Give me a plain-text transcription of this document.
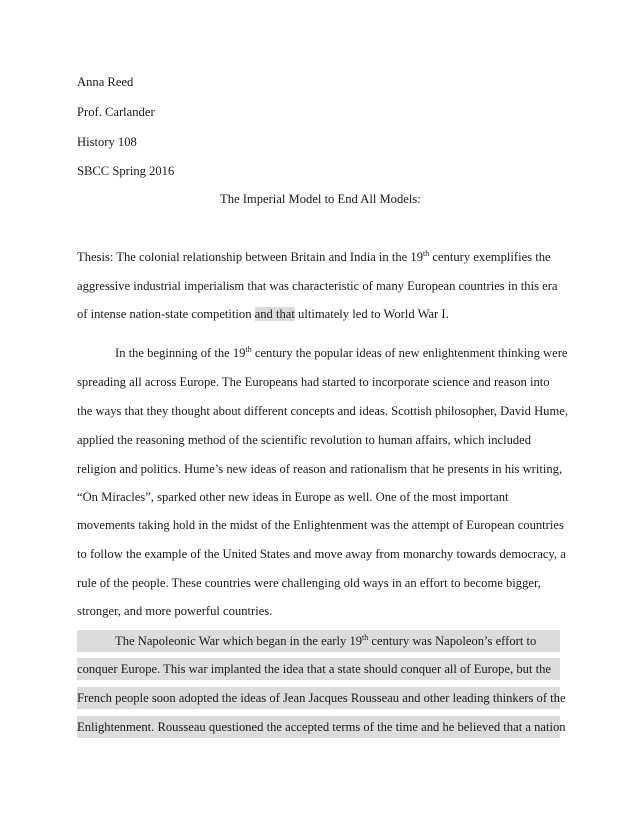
Anna Reed

Prof. Carlander

History 108

SBCC Spring 2016

The Imperial Model to End All Models:

Thesis: The colonial relationship between Britain and India in the 19th century exemplifies the

aggressive industrial imperialism that was characteristic of many European countries in this era

of intense nation-state competition and that ultimately led to World War I.

In the beginning of the 19th century the popular ideas of new enlightenment thinking were

spreading all across Europe. The Europeans had started to incorporate science and reason into

the ways that they thought about different concepts and ideas. Scottish philosopher, David Hume,

applied the reasoning method of the scientific revolution to human affairs, which included

religion and politics. Hume’s new ideas of reason and rationalism that he presents in his writing,

“On Miracles”, sparked other new ideas in Europe as well. One of the most important

movements taking hold in the midst of the Enlightenment was the attempt of European countries

to follow the example of the United States and move away from monarchy towards democracy, a

rule of the people. These countries were challenging old ways in an effort to become bigger,

stronger, and more powerful countries.

The Napoleonic War which began in the early 19th century was Napoleon’s effort to

conquer Europe. This war implanted the idea that a state should conquer all of Europe, but the

French people soon adopted the ideas of Jean Jacques Rousseau and other leading thinkers of the

Enlightenment. Rousseau questioned the accepted terms of the time and he believed that a nation
